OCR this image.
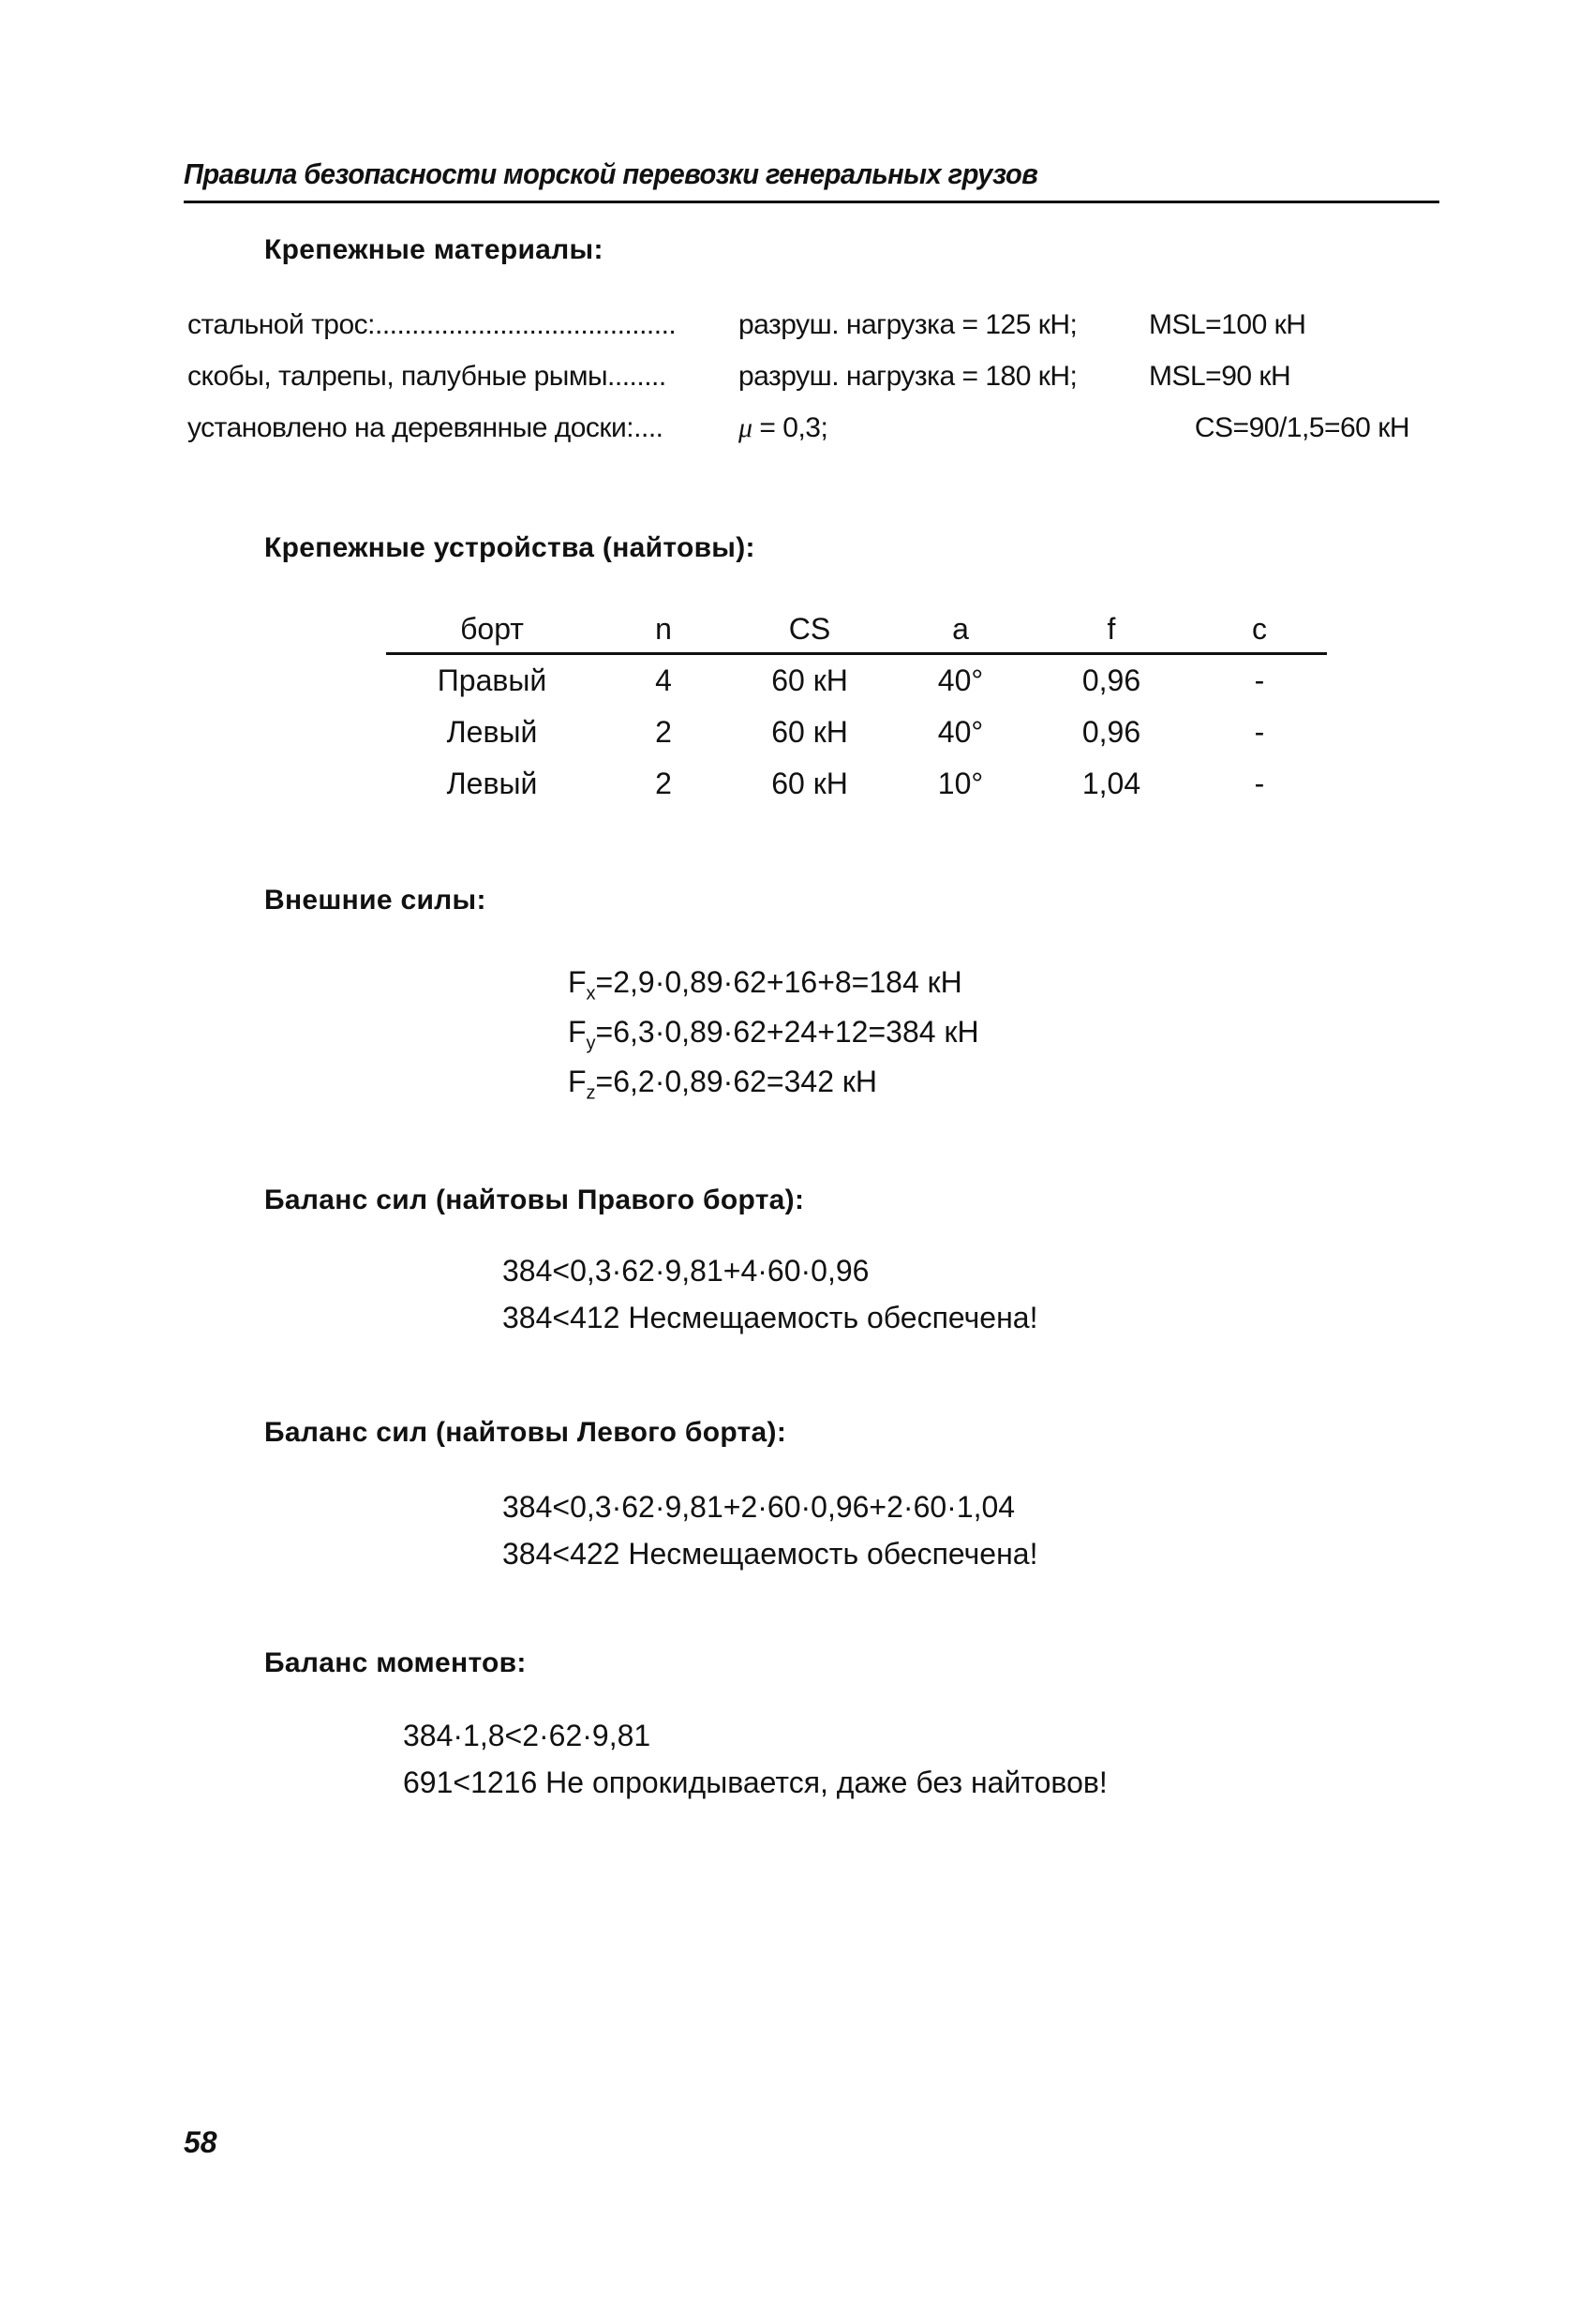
Правила безопасности морской перевозки генеральных грузов
Крепежные материалы:
стальной трос:......................................... разруш. нагрузка = 125 кН;	MSL=100 кН
скобы, талрепы, палубные рымы........	разруш. нагрузка = 180 кН;	MSL=90 кН
установлено на деревянные доски:....	μ = 0,3;	CS=90/1,5=60 кН
Крепежные устройства (найтовы):
борт	n	CS	a	f	c
Правый	4	60 кН	40°	0,96	-
Левый	2	60 кН	40°	0,96	-
Левый	2	60 кН	10°	1,04	-
Внешние силы:
$F_x=2,9\cdot 0,89\cdot 62+16+8=184$ кН
$F_y=6,3\cdot 0,89\cdot 62+24+12=384$ кН
$F_z=6,2\cdot 0,89\cdot 62=342$ кН
Баланс сил (найтовы Правого борта):
384<0,3·62·9,81+4·60·0,96
384<412 Несмещаемость обеспечена!
Баланс сил (найтовы Левого борта):
384<0,3·62·9,81+2·60·0,96+2·60·1,04
384<422 Несмещаемость обеспечена!
Баланс моментов:
384·1,8<2·62·9,81
691<1216 Не опрокидывается, даже без найтовов!
58
